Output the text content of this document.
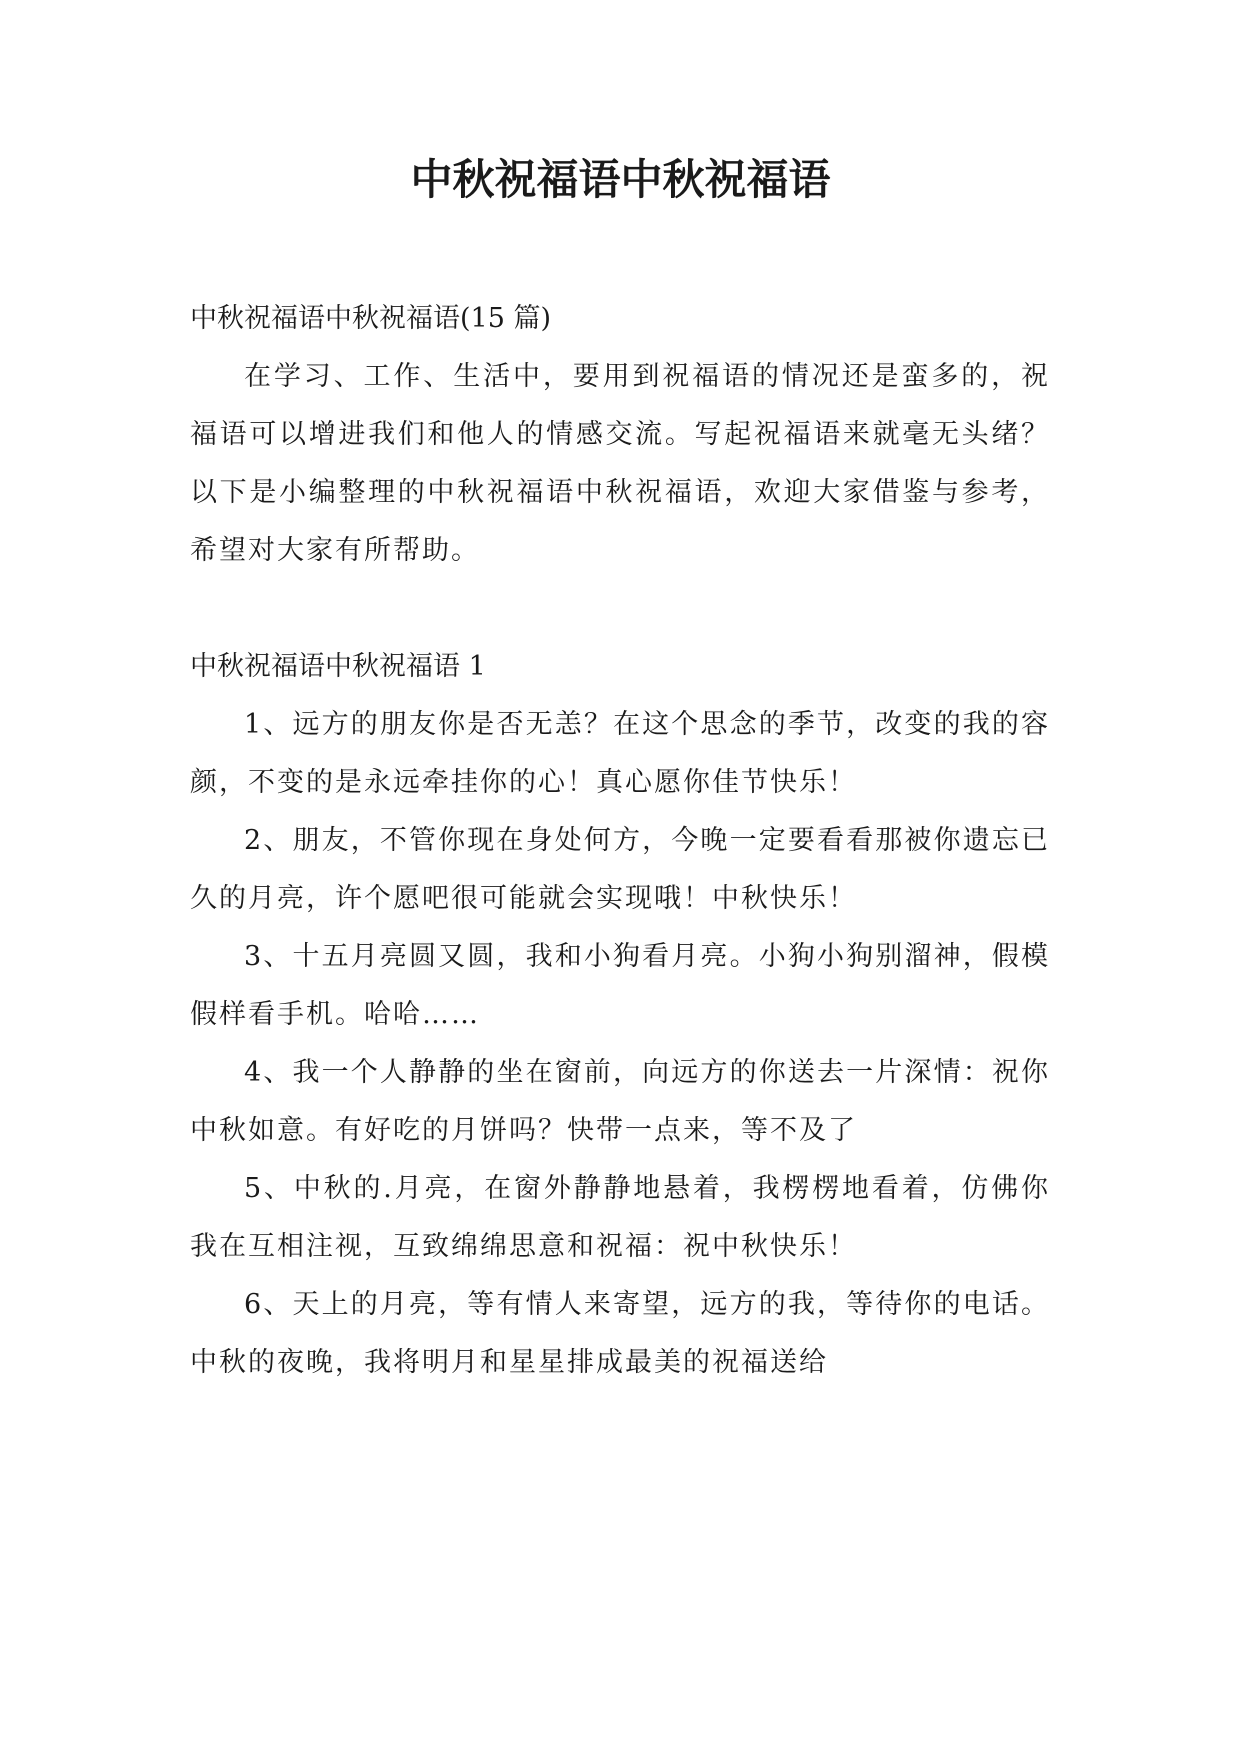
中秋祝福语中秋祝福语

中秋祝福语中秋祝福语(15 篇)

在学习、工作、生活中，要用到祝福语的情况还是蛮多的，祝福语可以增进我们和他人的情感交流。写起祝福语来就毫无头绪？以下是小编整理的中秋祝福语中秋祝福语，欢迎大家借鉴与参考，希望对大家有所帮助。

中秋祝福语中秋祝福语 1

1、远方的朋友你是否无恙？在这个思念的季节，改变的我的容颜，不变的是永远牵挂你的心！真心愿你佳节快乐！

2、朋友，不管你现在身处何方，今晚一定要看看那被你遗忘已久的月亮，许个愿吧很可能就会实现哦！中秋快乐！

3、十五月亮圆又圆，我和小狗看月亮。小狗小狗别溜神，假模假样看手机。哈哈……

4、我一个人静静的坐在窗前，向远方的你送去一片深情：祝你中秋如意。有好吃的月饼吗？快带一点来，等不及了

5、中秋的.月亮，在窗外静静地悬着，我楞楞地看着，仿佛你我在互相注视，互致绵绵思意和祝福：祝中秋快乐！

6、天上的月亮，等有情人来寄望，远方的我，等待你的电话。中秋的夜晚，我将明月和星星排成最美的祝福送给
